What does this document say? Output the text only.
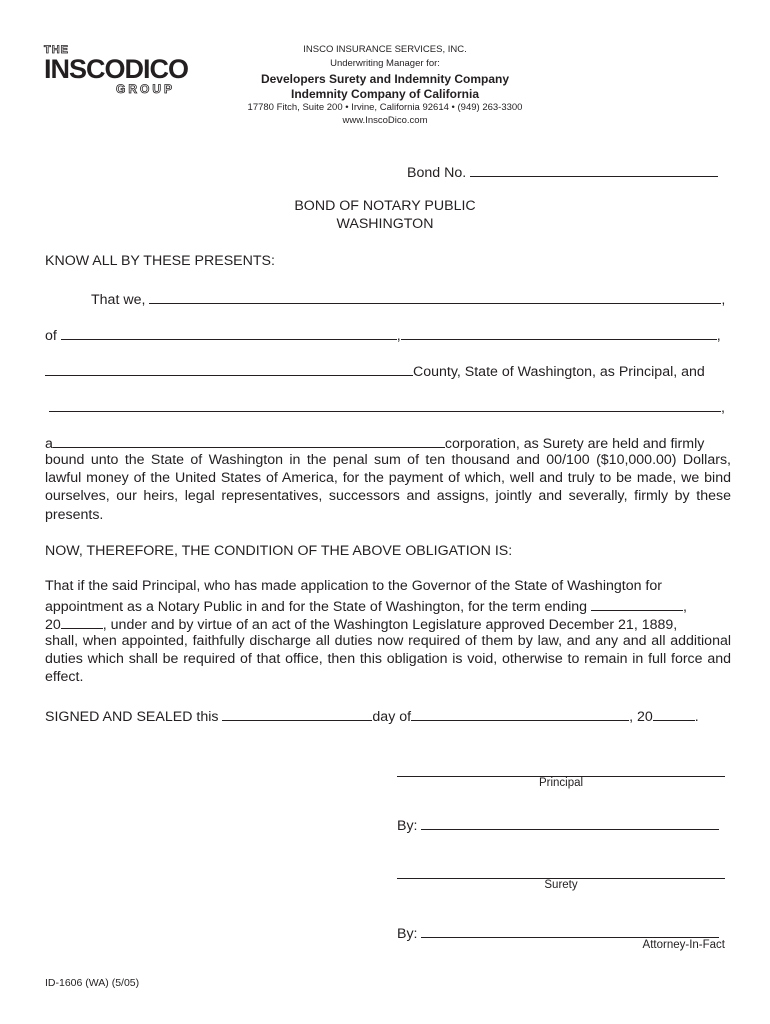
THE
INSCODICO
GROUP
INSCO INSURANCE SERVICES, INC.
Underwriting Manager for:
Developers Surety and Indemnity Company
Indemnity Company of California
17780 Fitch, Suite 200 • Irvine, California 92614 • (949) 263-3300
www.InscoDico.com
Bond No.
BOND OF NOTARY PUBLIC
WASHINGTON
KNOW ALL BY THESE PRESENTS:
That we,	,
of	,	,
County, State of Washington, as Principal, and
,
a	corporation, as Surety are held and firmly
bound unto the State of Washington in the penal sum of ten thousand and 00/100 ($10,000.00) Dollars, lawful money of the United States of America, for the payment of which, well and truly to be made, we bind ourselves, our heirs, legal representatives, successors and assigns, jointly and severally, firmly by these presents.
NOW, THEREFORE, THE CONDITION OF THE ABOVE OBLIGATION IS:
That if the said Principal, who has made application to the Governor of the State of Washington for
appointment as a Notary Public in and for the State of Washington, for the term ending	,
20	, under and by virtue of an act of the Washington Legislature approved December 21, 1889,
shall, when appointed, faithfully discharge all duties now required of them by law, and any and all additional duties which shall be required of that office, then this obligation is void, otherwise to remain in full force and effect.
SIGNED AND SEALED this	day of	, 20	.
Principal
By:
Surety
By:
Attorney-In-Fact
ID-1606 (WA) (5/05)
